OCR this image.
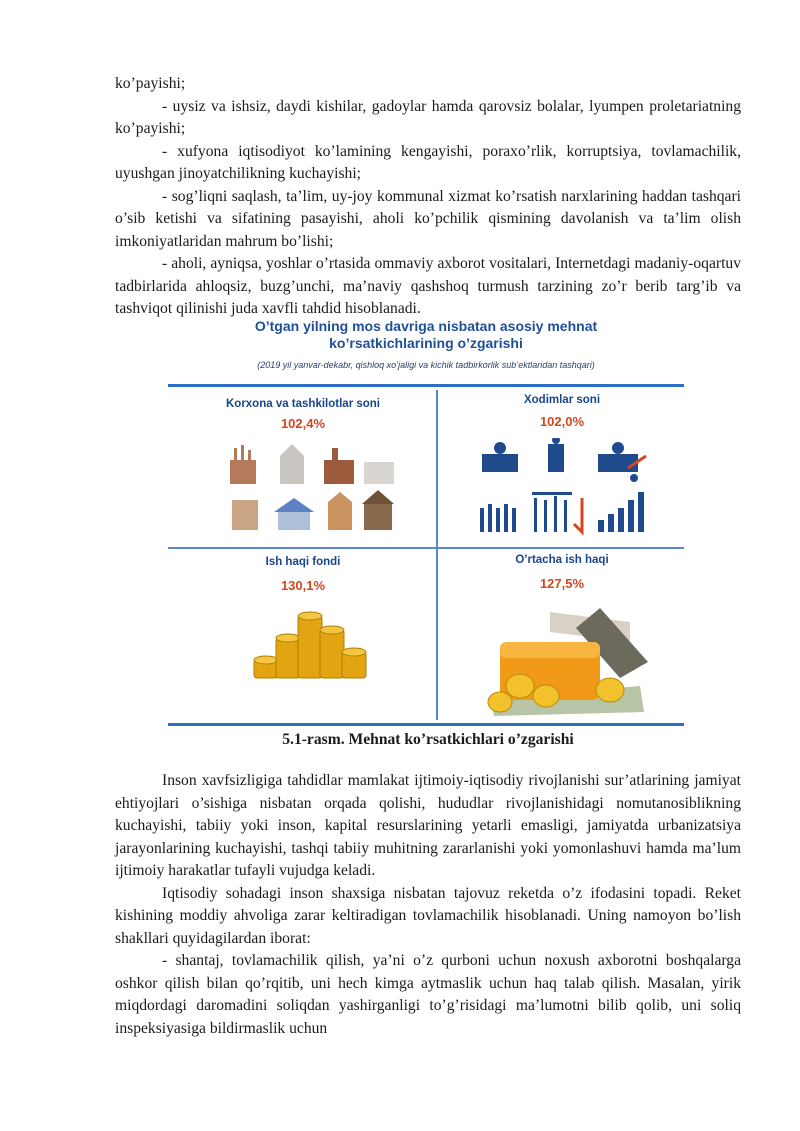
ko’payishi;

- uysiz va ishsiz, daydi kishilar, gadoylar hamda qarovsiz bolalar, lyumpen proletariatning ko’payishi;

- xufyona iqtisodiyot ko’lamining kengayishi, poraxo’rlik, korruptsiya, tovlamachilik, uyushgan jinoyatchilikning kuchayishi;

- sog’liqni saqlash, ta’lim, uy-joy kommunal xizmat ko’rsatish narxlarining haddan tashqari o’sib ketishi va sifatining pasayishi, aholi ko’pchilik qismining davolanish va ta’lim olish imkoniyatlaridan mahrum bo’lishi;

- aholi, ayniqsa, yoshlar o’rtasida ommaviy axborot vositalari, Internetdagi madaniy-oqartuv tadbirlarida ahloqsiz, buzg’unchi, ma’naviy qashshoq turmush tarzining zo’r berib targ’ib va tashviqot qilinishi juda xavfli tahdid hisoblanadi.

O’tgan yilning mos davriga nisbatan asosiy mehnat
ko’rsatkichlarining o’zgarishi
(2019 yil yanvar-dekabr, qishloq xo’jaligi va kichik tadbirkorlik sub’ektlaridan tashqari)
Korxona va tashkilotlar soni
102,4%
Xodimlar soni
102,0%
Ish haqi fondi
130,1%
O’rtacha ish haqi
127,5%
5.1-rasm. Mehnat ko’rsatkichlari o’zgarishi

Inson xavfsizligiga tahdidlar mamlakat ijtimoiy-iqtisodiy rivojlanishi sur’atlarining jamiyat ehtiyojlari o’sishiga nisbatan orqada qolishi, hududlar rivojlanishidagi nomutanosiblikning kuchayishi, tabiiy yoki inson, kapital resurslarining yetarli emasligi, jamiyatda urbanizatsiya jarayonlarining kuchayishi, tashqi tabiiy muhitning zararlanishi yoki yomonlashuvi hamda ma’lum ijtimoiy harakatlar tufayli vujudga keladi.

Iqtisodiy sohadagi inson shaxsiga nisbatan tajovuz reketda o’z ifodasini topadi. Reket kishining moddiy ahvoliga zarar keltiradigan tovlamachilik hisoblanadi. Uning namoyon bo’lish shakllari quyidagilardan iborat:

- shantaj, tovlamachilik qilish, ya’ni o’z qurboni uchun noxush axborotni boshqalarga oshkor qilish bilan qo’rqitib, uni hech kimga aytmaslik uchun haq talab qilish. Masalan, yirik miqdordagi daromadini soliqdan yashirganligi to’g’risidagi ma’lumotni bilib qolib, uni soliq inspeksiyasiga bildirmaslik uchun
